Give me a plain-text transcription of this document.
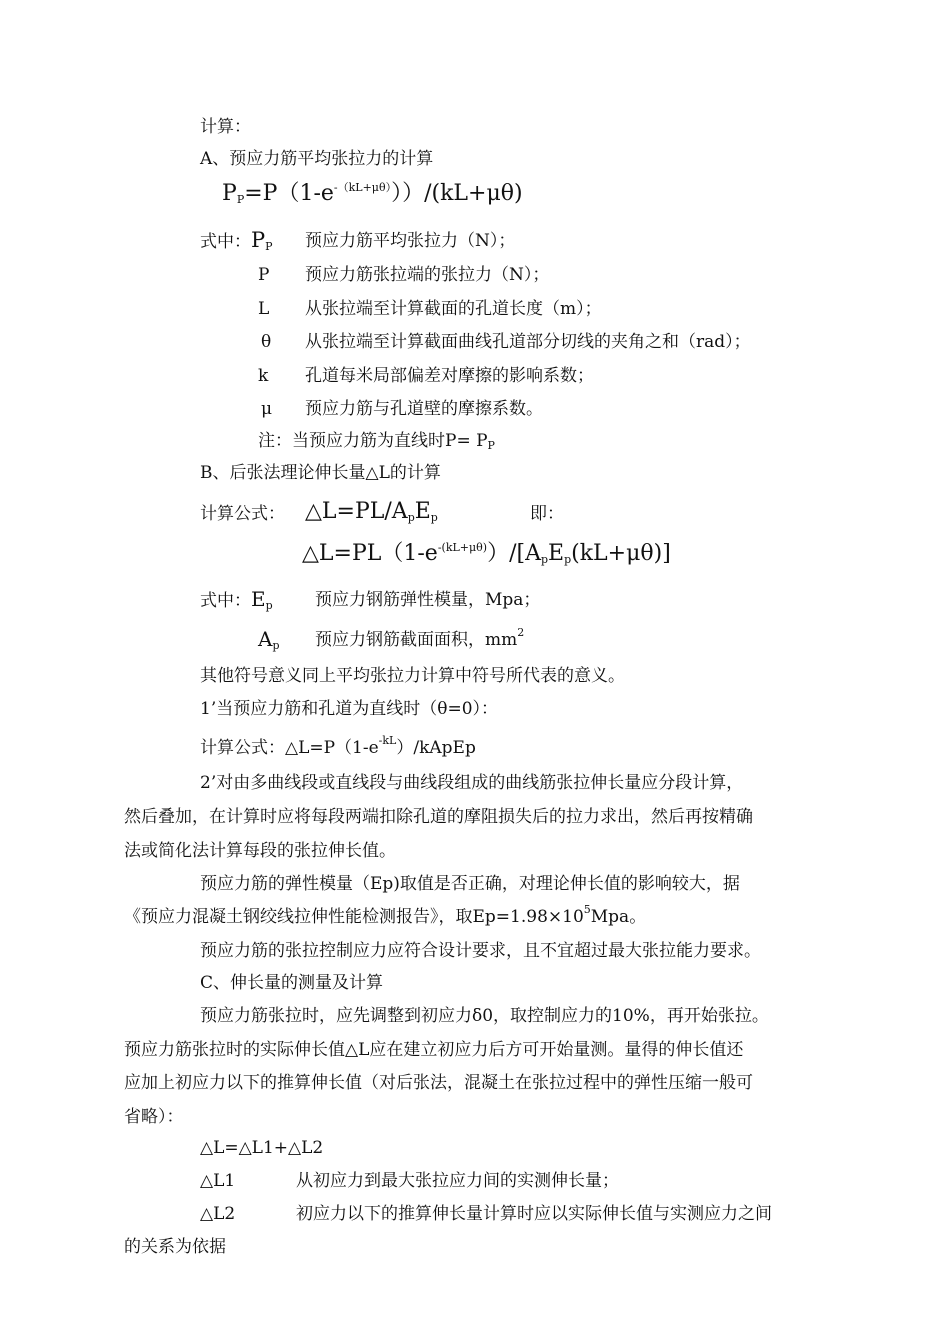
计算：
A、预应力筋平均张拉力的计算
$P_P=P(1-e^{-(kL+\mu\theta)}))/(kL+\mu\theta)$
式中：$P_P$ 预应力筋平均张拉力（N）；
P 预应力筋张拉端的张拉力（N）；
L 从张拉端至计算截面的孔道长度（m）；
θ 从张拉端至计算截面曲线孔道部分切线的夹角之和（rad）；
k 孔道每米局部偏差对摩擦的影响系数；
μ 预应力筋与孔道壁的摩擦系数。
注：当预应力筋为直线时$P= P_P$
B、后张法理论伸长量△L的计算
计算公式： $\triangle L=PL/A_pE_p$	即：
$\triangle L=PL(1-e^{-(kL+\mu\theta)})/[A_pE_p(kL+\mu\theta)]$
式中：$E_p$ 预应力钢筋弹性模量，Mpa；
$A_p$ 预应力钢筋截面面积，$mm^2$
其他符号意义同上平均张拉力计算中符号所代表的意义。
1’当预应力筋和孔道为直线时（θ=0）：
计算公式：$\triangle L=P(1-e^{-kL})$/kApEp
2’对由多曲线段或直线段与曲线段组成的曲线筋张拉伸长量应分段计算，
然后叠加，在计算时应将每段两端扣除孔道的摩阻损失后的拉力求出，然后再按精确
法或简化法计算每段的张拉伸长值。
预应力筋的弹性模量（Ep)取值是否正确，对理论伸长值的影响较大，据
《预应力混凝土钢绞线拉伸性能检测报告》，取$Ep=1.98\times 10^5Mpa$。
预应力筋的张拉控制应力应符合设计要求，且不宜超过最大张拉能力要求。
C、伸长量的测量及计算
预应力筋张拉时，应先调整到初应力δ0，取控制应力的10%，再开始张拉。
预应力筋张拉时的实际伸长值△L应在建立初应力后方可开始量测。量得的伸长值还
应加上初应力以下的推算伸长值（对后张法，混凝土在张拉过程中的弹性压缩一般可
省略）：
△L=△L1+△L2
△L1	从初应力到最大张拉应力间的实测伸长量；
△L2	初应力以下的推算伸长量计算时应以实际伸长值与实测应力之间
的关系为依据
